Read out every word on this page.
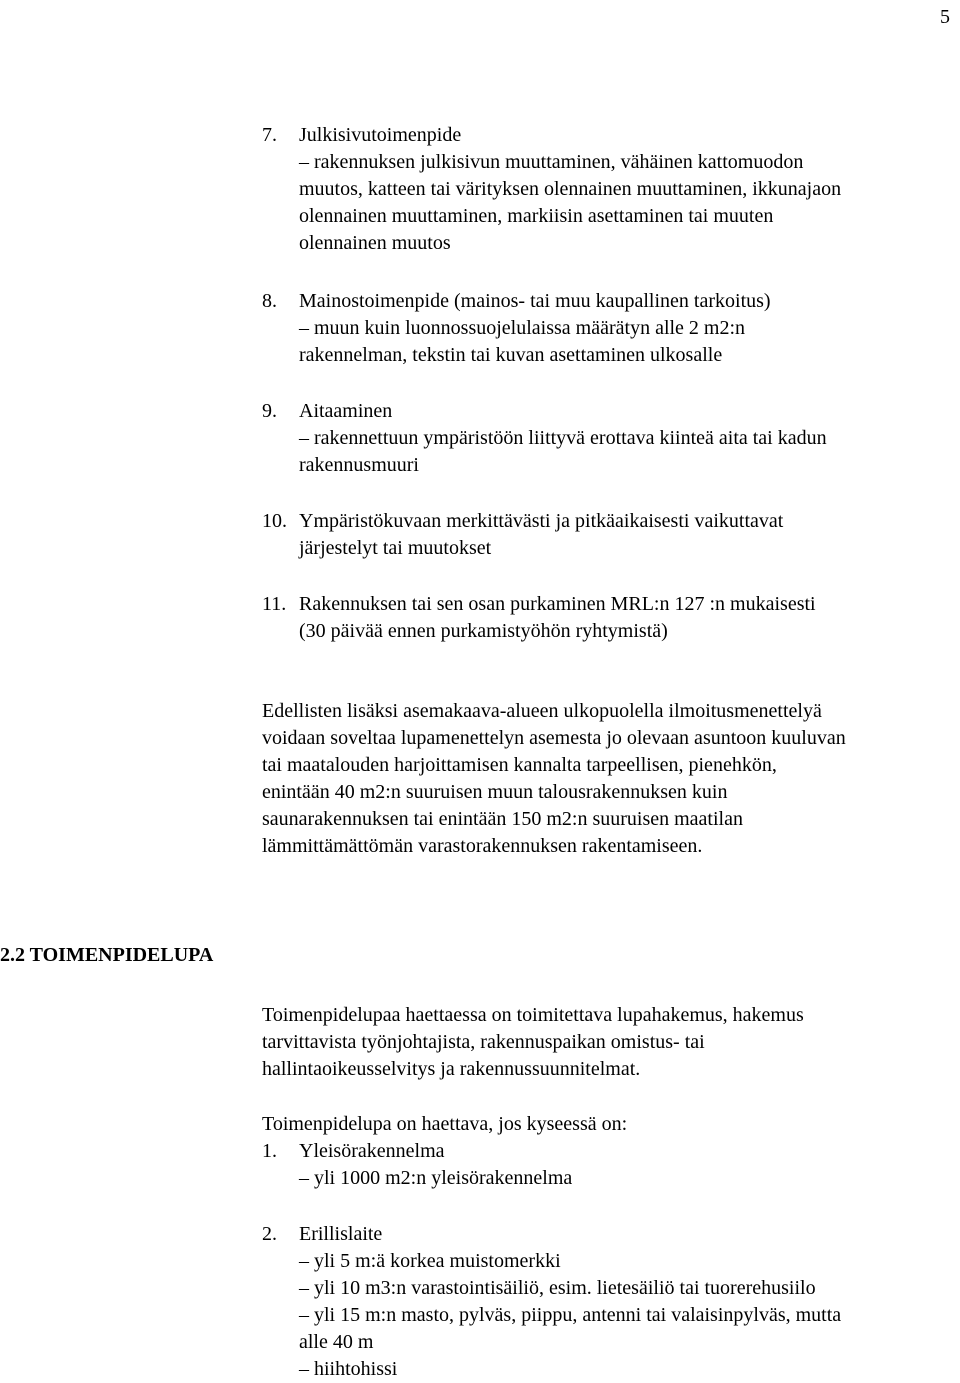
5
7. Julkisivutoimenpide
– rakennuksen julkisivun muuttaminen, vähäinen kattomuodon
muutos, katteen tai värityksen olennainen muuttaminen, ikkunajaon
olennainen muuttaminen, markiisin asettaminen tai muuten
olennainen muutos
8. Mainostoimenpide (mainos- tai muu kaupallinen tarkoitus)
– muun kuin luonnossuojelulaissa määrätyn alle 2 m2:n
rakennelman, tekstin tai kuvan asettaminen ulkosalle
9. Aitaaminen
– rakennettuun ympäristöön liittyvä erottava kiinteä aita tai kadun
rakennusmuuri
10. Ympäristökuvaan merkittävästi ja pitkäaikaisesti vaikuttavat
järjestelyt tai muutokset
11. Rakennuksen tai sen osan purkaminen MRL:n 127 :n mukaisesti
(30 päivää ennen purkamistyöhön ryhtymistä)
Edellisten lisäksi asemakaava-alueen ulkopuolella ilmoitusmenettelyä
voidaan soveltaa lupamenettelyn asemesta jo olevaan asuntoon kuuluvan
tai maatalouden harjoittamisen kannalta tarpeellisen, pienehkön,
enintään 40 m2:n suuruisen muun talousrakennuksen kuin
saunarakennuksen tai enintään 150 m2:n suuruisen maatilan
lämmittämättömän varastorakennuksen rakentamiseen.
2.2 TOIMENPIDELUPA
Toimenpidelupaa haettaessa on toimitettava lupahakemus, hakemus
tarvittavista työnjohtajista, rakennuspaikan omistus- tai
hallintaoikeusselvitys ja rakennussuunnitelmat.
Toimenpidelupa on haettava, jos kyseessä on:
1. Yleisörakennelma
– yli 1000 m2:n yleisörakennelma
2. Erillislaite
– yli 5 m:ä korkea muistomerkki
– yli 10 m3:n varastointisäiliö, esim. lietesäiliö tai tuorerehusiilo
– yli 15 m:n masto, pylväs, piippu, antenni tai valaisinpylväs, mutta
alle 40 m
– hiihtohissi
